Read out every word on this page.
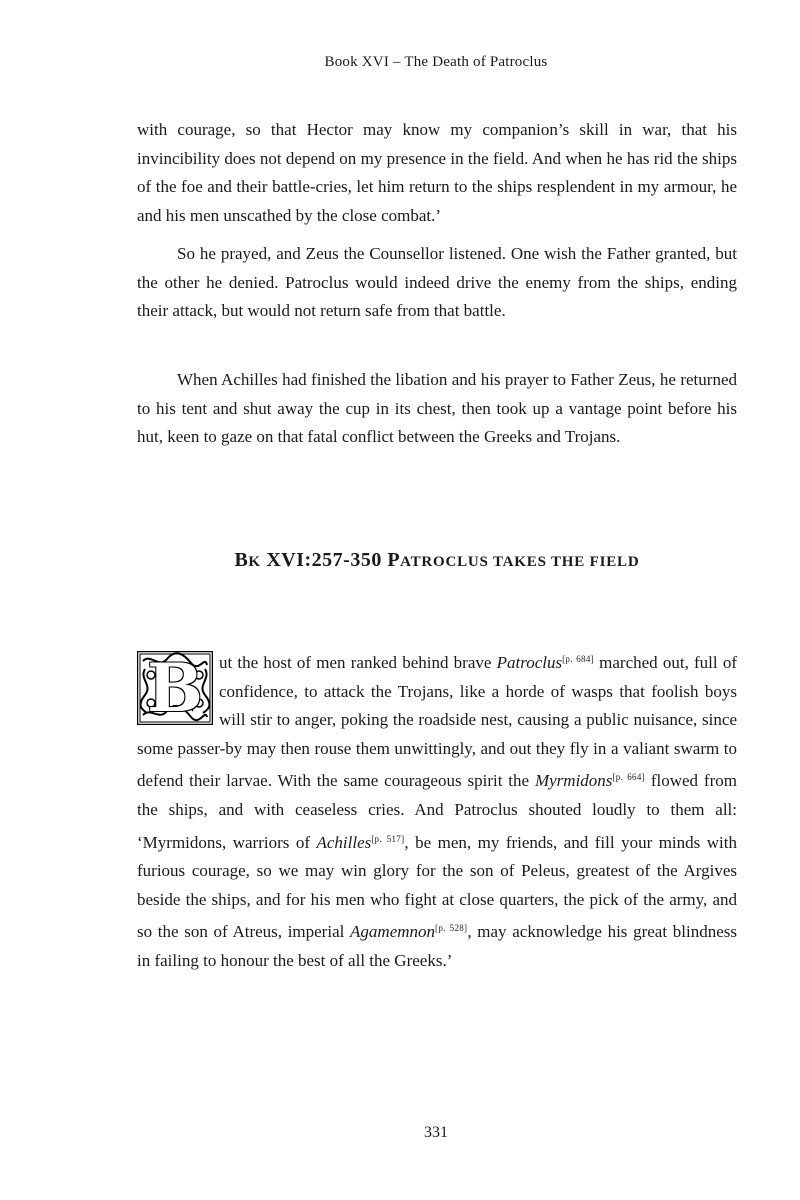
Book XVI – The Death of Patroclus

with courage, so that Hector may know my companion’s skill in war, that his invincibility does not depend on my presence in the field. And when he has rid the ships of the foe and their battle-cries, let him return to the ships resplendent in my armour, he and his men unscathed by the close combat.’

So he prayed, and Zeus the Counsellor listened. One wish the Father granted, but the other he denied. Patroclus would indeed drive the enemy from the ships, ending their attack, but would not return safe from that battle.

When Achilles had finished the libation and his prayer to Father Zeus, he returned to his tent and shut away the cup in its chest, then took up a vantage point before his hut, keen to gaze on that fatal conflict between the Greeks and Trojans.

BK XVI:257-350 PATROCLUS TAKES THE FIELD

B ut the host of men ranked behind brave Patroclus[p. 684] marched out, full of confidence, to attack the Trojans, like a horde of wasps that foolish boys will stir to anger, poking the roadside nest, causing a public nuisance, since some passer-by may then rouse them unwittingly, and out they fly in a valiant swarm to defend their larvae. With the same courageous spirit the Myrmidons[p. 664] flowed from the ships, and with ceaseless cries. And Patroclus shouted loudly to them all: ‘Myrmidons, warriors of Achilles[p. 517], be men, my friends, and fill your minds with furious courage, so we may win glory for the son of Peleus, greatest of the Argives beside the ships, and for his men who fight at close quarters, the pick of the army, and so the son of Atreus, imperial Agamemnon[p. 528], may acknowledge his great blindness in failing to honour the best of all the Greeks.’

331
